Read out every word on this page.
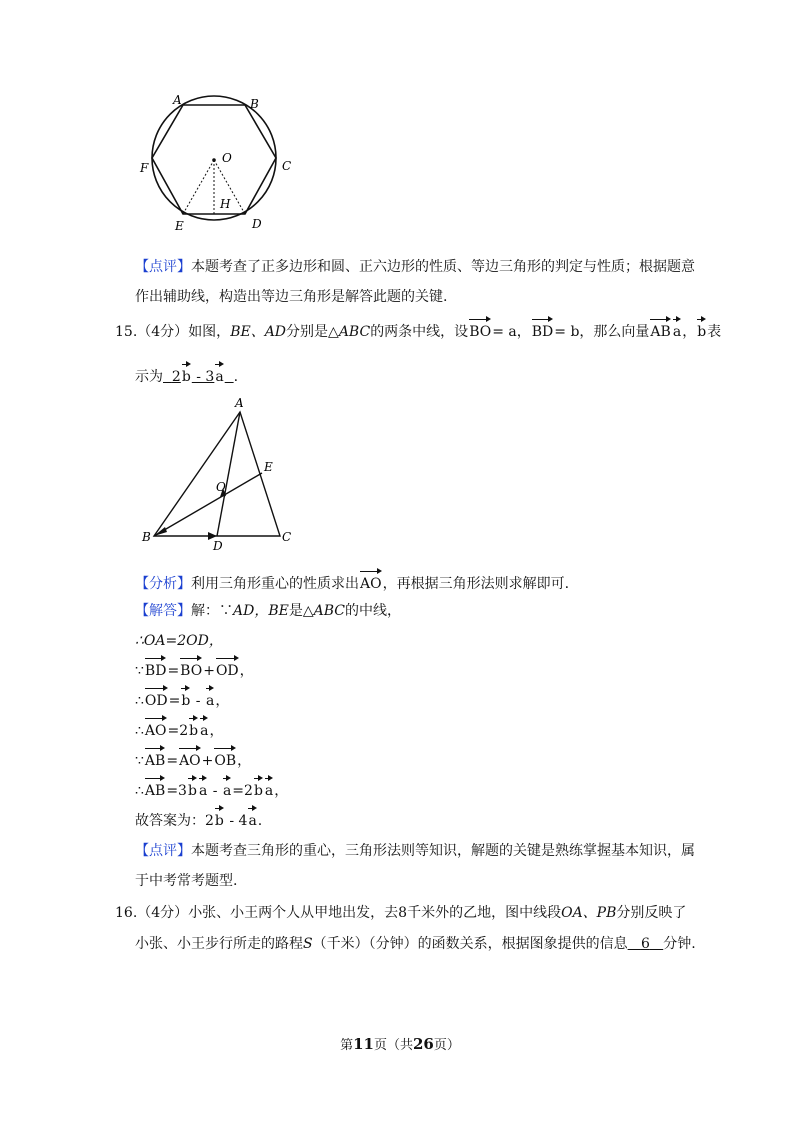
A	B
C
D
E
F
O
H
【点评】本题考查了正多边形和圆、正六边形的性质、等边三角形的判定与性质；根据题意
作出辅助线，构造出等边三角形是解答此题的关键.
15.（4分）如图，BE、AD分别是△ABC的两条中线，设BO= a，BD= b，那么向量AB a，b表
示为 2b - 3a .
A
B	C
D
E
O
【分析】利用三角形重心的性质求出AO，再根据三角形法则求解即可.
【解答】解：∵AD，BE是△ABC的中线，
∴OA=2OD，
∵BD=BO+OD，
∴OD=b - a，
∴AO=2b a，
∵AB=AO+OB，
∴AB=3b a - a=2b a，
故答案为：2b - 4a.
【点评】本题考查三角形的重心，三角形法则等知识，解题的关键是熟练掌握基本知识，属
于中考常考题型.
16.（4分）小张、小王两个人从甲地出发，去8千米外的乙地，图中线段OA、PB分别反映了
小张、小王步行所走的路程S（千米）（分钟）的函数关系，根据图象提供的信息 6 分钟.
第11页（共26页）
